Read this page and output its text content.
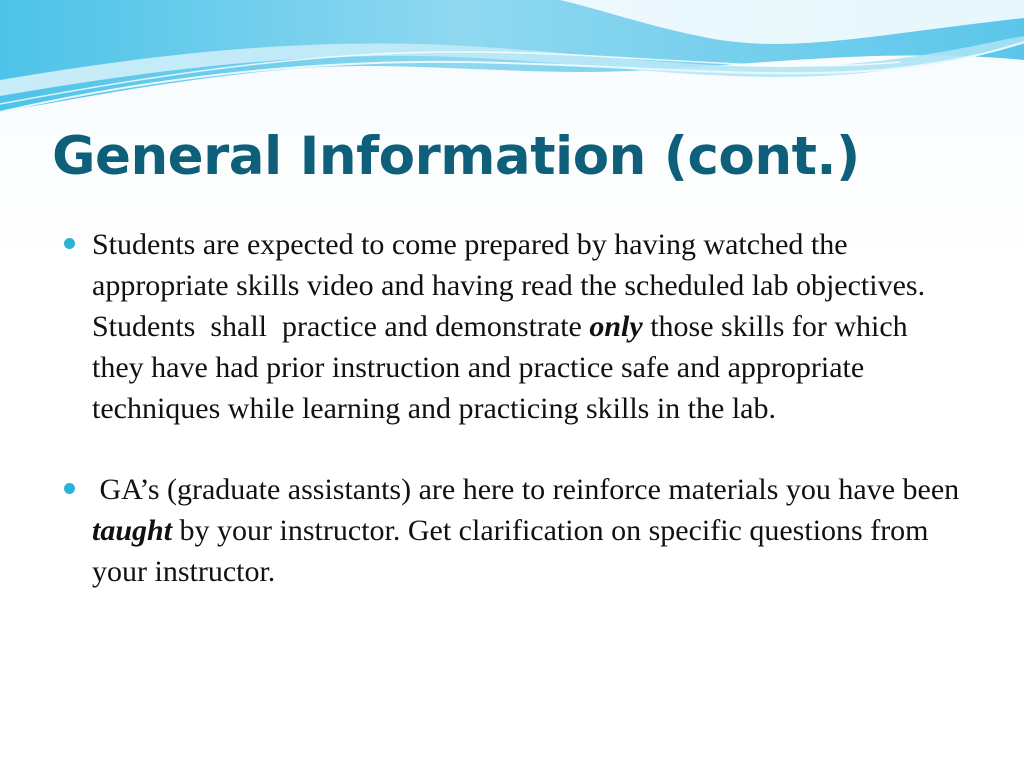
General Information (cont.)
Students are expected to come prepared by having watched the appropriate skills video and having read the scheduled lab objectives. Students  shall  practice and demonstrate only those skills for which they have had prior instruction and practice safe and appropriate techniques while learning and practicing skills in the lab.
GA’s (graduate assistants) are here to reinforce materials you have been taught by your instructor. Get clarification on specific questions from your instructor.
